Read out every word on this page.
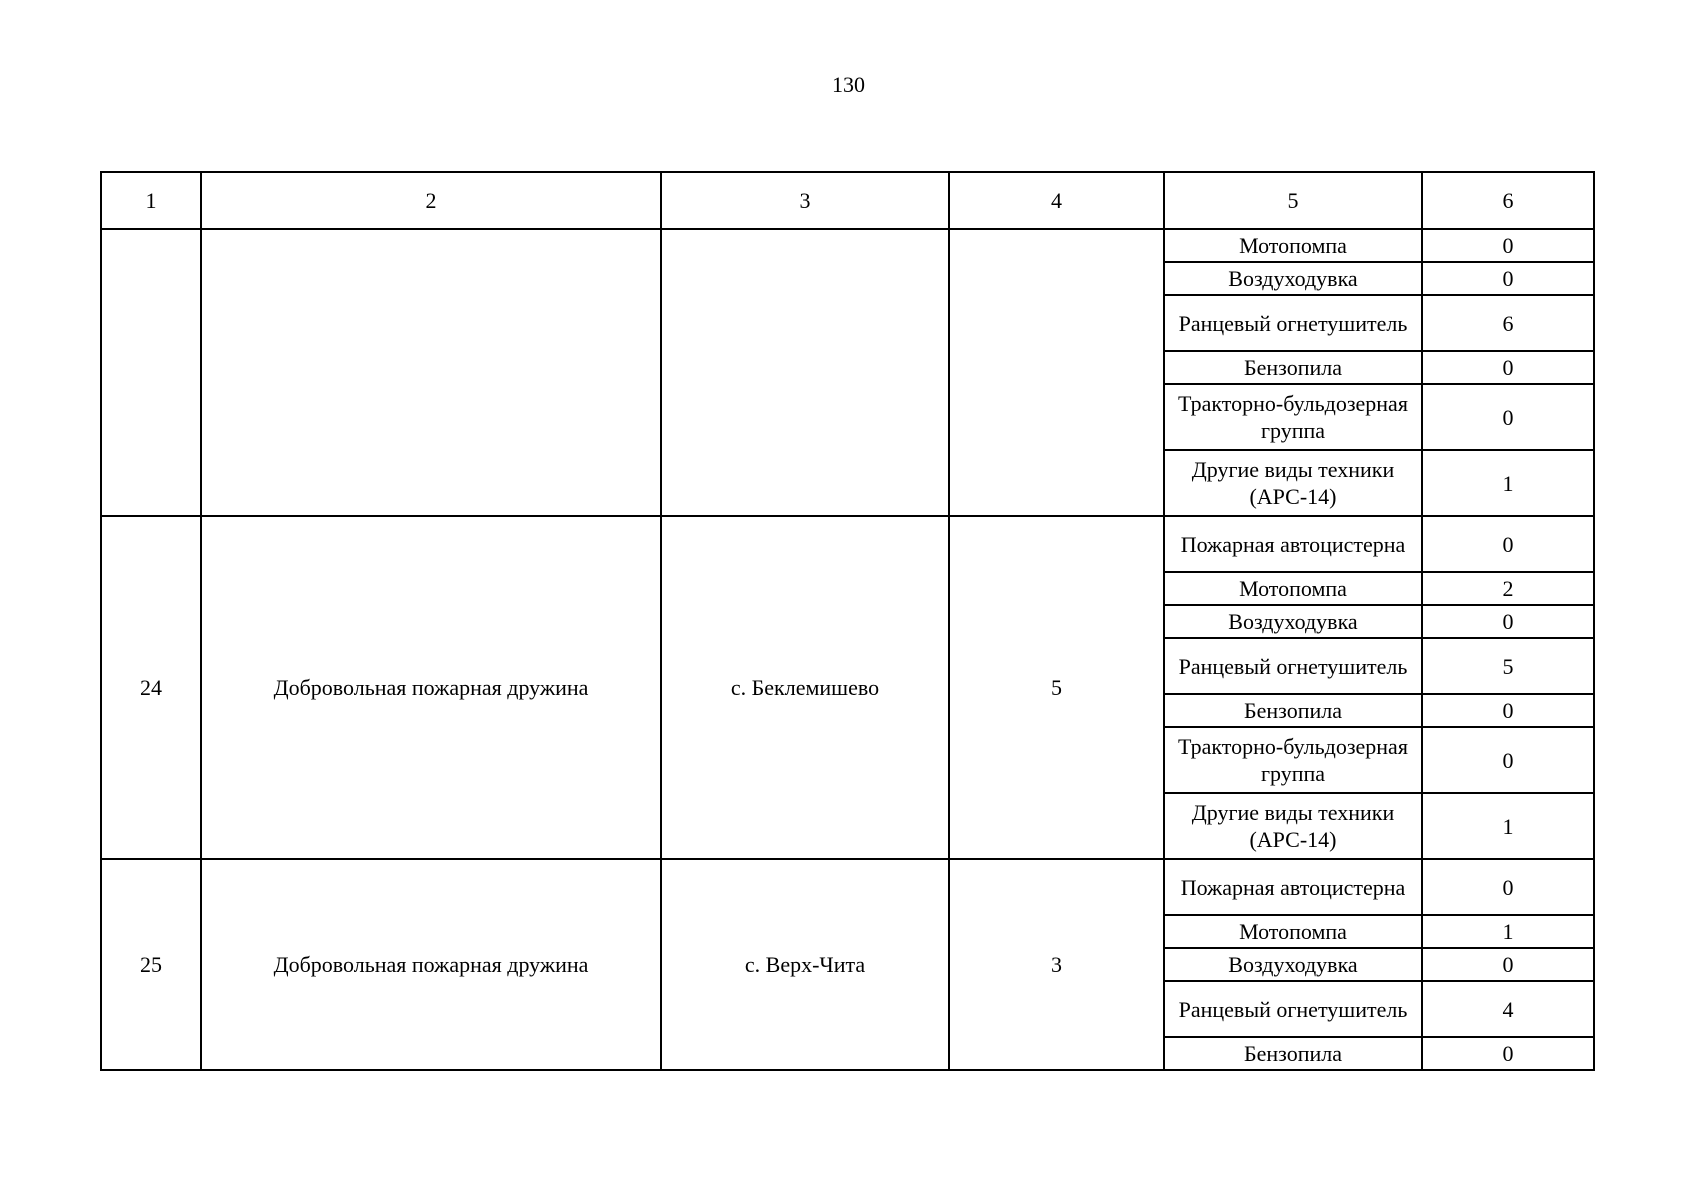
130
1	2	3	4	5	6
				Мотопомпа	0
				Воздуходувка	0
				Ранцевый огнетушитель	6
				Бензопила	0
				Тракторно-бульдозерная группа	0
				Другие виды техники (АРС-14)	1
24	Добровольная пожарная дружина	с. Беклемишево	5	Пожарная автоцистерна	0
				Мотопомпа	2
				Воздуходувка	0
				Ранцевый огнетушитель	5
				Бензопила	0
				Тракторно-бульдозерная группа	0
				Другие виды техники (АРС-14)	1
25	Добровольная пожарная дружина	с. Верх-Чита	3	Пожарная автоцистерна	0
				Мотопомпа	1
				Воздуходувка	0
				Ранцевый огнетушитель	4
				Бензопила	0
